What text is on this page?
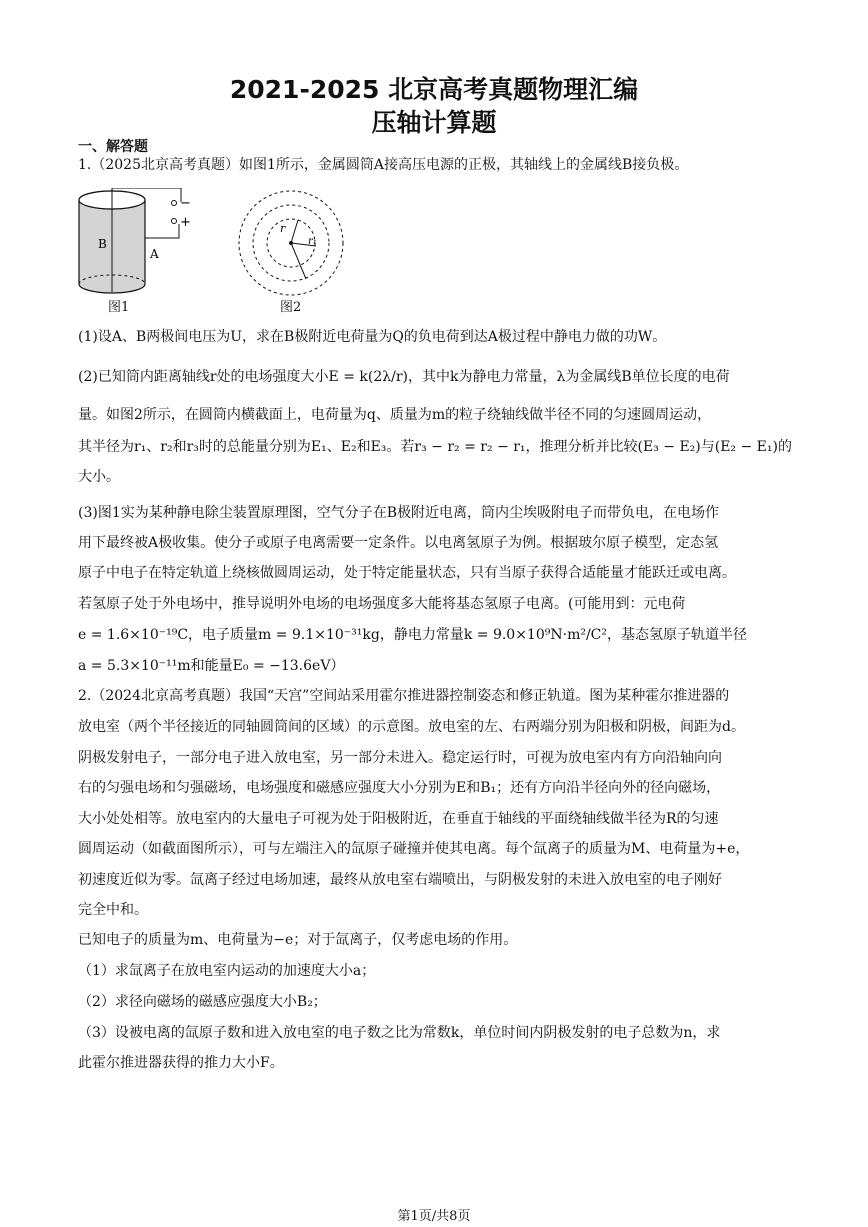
2021-2025 北京高考真题物理汇编
压轴计算题
一、解答题
1.（2025北京高考真题）如图1所示，金属圆筒A接高压电源的正极，其轴线上的金属线B接负极。
B
A
−
+
图1
r
r₁
图2
(1)设A、B两极间电压为U，求在B极附近电荷量为Q的负电荷到达A极过程中静电力做的功W。
(2)已知筒内距离轴线r处的电场强度大小E = k(2λ/r)，其中k为静电力常量，λ为金属线B单位长度的电荷
量。如图2所示，在圆筒内横截面上，电荷量为q、质量为m的粒子绕轴线做半径不同的匀速圆周运动，
其半径为r₁、r₂和r₃时的总能量分别为E₁、E₂和E₃。若r₃ − r₂ = r₂ − r₁，推理分析并比较(E₃ − E₂)与(E₂ − E₁)的
大小。
(3)图1实为某种静电除尘装置原理图，空气分子在B极附近电离，筒内尘埃吸附电子而带负电，在电场作
用下最终被A极收集。使分子或原子电离需要一定条件。以电离氢原子为例。根据玻尔原子模型，定态氢
原子中电子在特定轨道上绕核做圆周运动，处于特定能量状态，只有当原子获得合适能量才能跃迁或电离。
若氢原子处于外电场中，推导说明外电场的电场强度多大能将基态氢原子电离。(可能用到：元电荷
e = 1.6×10⁻¹⁹C，电子质量m = 9.1×10⁻³¹kg，静电力常量k = 9.0×10⁹N·m²/C²，基态氢原子轨道半径
a = 5.3×10⁻¹¹m和能量E₀ = −13.6eV）
2.（2024北京高考真题）我国“天宫”空间站采用霍尔推进器控制姿态和修正轨道。图为某种霍尔推进器的
放电室（两个半径接近的同轴圆筒间的区域）的示意图。放电室的左、右两端分别为阳极和阴极，间距为d。
阴极发射电子，一部分电子进入放电室，另一部分未进入。稳定运行时，可视为放电室内有方向沿轴向向
右的匀强电场和匀强磁场，电场强度和磁感应强度大小分别为E和B₁；还有方向沿半径向外的径向磁场，
大小处处相等。放电室内的大量电子可视为处于阳极附近，在垂直于轴线的平面绕轴线做半径为R的匀速
圆周运动（如截面图所示），可与左端注入的氙原子碰撞并使其电离。每个氙离子的质量为M、电荷量为+e，
初速度近似为零。氙离子经过电场加速，最终从放电室右端喷出，与阴极发射的未进入放电室的电子刚好
完全中和。
已知电子的质量为m、电荷量为−e；对于氙离子，仅考虑电场的作用。
（1）求氙离子在放电室内运动的加速度大小a；
（2）求径向磁场的磁感应强度大小B₂；
（3）设被电离的氙原子数和进入放电室的电子数之比为常数k，单位时间内阴极发射的电子总数为n，求
此霍尔推进器获得的推力大小F。
第1页/共8页
